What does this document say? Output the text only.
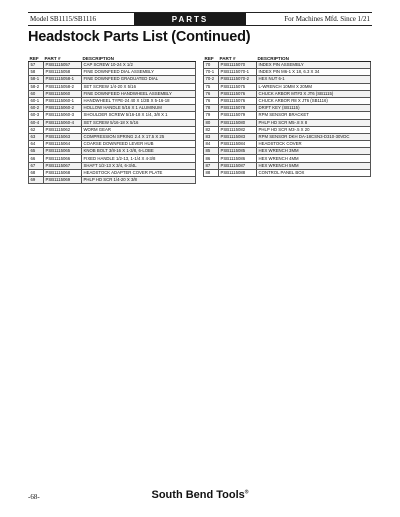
Model SB1115/SB1116	PARTS	For Machines Mfd. Since 1/21
Headstock Parts List (Continued)
REF	PART #	DESCRIPTION
57	PSB1115057	CAP SCREW 10-24 X 1/2
58	PSB1115058	FINE DOWNFEED DIAL ASSEMBLY
58-1	PSB1115058-1	FINE DOWNFEED GRADUATED DIAL
58-2	PSB1115058-2	SET SCREW 1/4-20 X 5/16
60	PSB1115060	FINE DOWNFEED HANDWHEEL ASSEMBLY
60-1	PSB1115060-1	HANDWHEEL TYPE-24 40 X 1/2B X 5-16-18
60-2	PSB1115060-2	HOLLOW HANDLE 5/16 X 1 ALUMINUM
60-3	PSB1115060-3	SHOULDER SCREW 5/16-18 X 1/4, 3/8 X 1
60-4	PSB1115060-4	SET SCREW 5/16-18 X 5/16
62	PSB1115062	WORM GEAR
63	PSB1115063	COMPRESSION SPRING 2.4 X 17.5 X 25
64	PSB1115064	COARSE DOWNFEED LEVER HUB
65	PSB1115065	KNOB BOLT 3/8-16 X 1-3/8, 6-LOBE
66	PSB1115066	FIXED HANDLE 1/2-13, 1-1/4 X 4-3/8
67	PSB1115067	SHAFT 1/2-13 X 3/4, 6-3/4L
68	PSB1115068	HEADSTOCK ADAPTER COVER PLATE
69	PSB1115069	PHLP HD SCR 1/4-20 X 3/8
REF	PART #	DESCRIPTION
70	PSB1115070	INDEX PIN ASSEMBLY
70-1	PSB1115070-1	INDEX PIN M6-1 X 18, 6.3 X 34
70-2	PSB1115070-2	HEX NUT 6-1
75	PSB1115075	L-WRENCH 10MM X 20MM
76	PSB1115076	CHUCK ARBOR MT#3 X JT6 (SB1115)
76	PSB1115076	CHUCK ARBOR R8 X JT6 (SB1116)
78	PSB1115078	DRIFT KEY (SB1115)
79	PSB1115079	RPM SENSOR BRACKET
80	PSB1115080	PHLP HD SCR M5-.8 X 8
82	PSB1115082	PHLP HD SCR M3-.5 X 20
83	PSB1115083	RPM SENSOR DKH DA-18CSN3-D310-30VDC
84	PSB1115084	HEADSTOCK COVER
85	PSB1115085	HEX WRENCH 3MM
86	PSB1115086	HEX WRENCH 4MM
87	PSB1115087	HEX WRENCH 5MM
88	PSB1115088	CONTROL PANEL BOX
-68-	South Bend Tools®
